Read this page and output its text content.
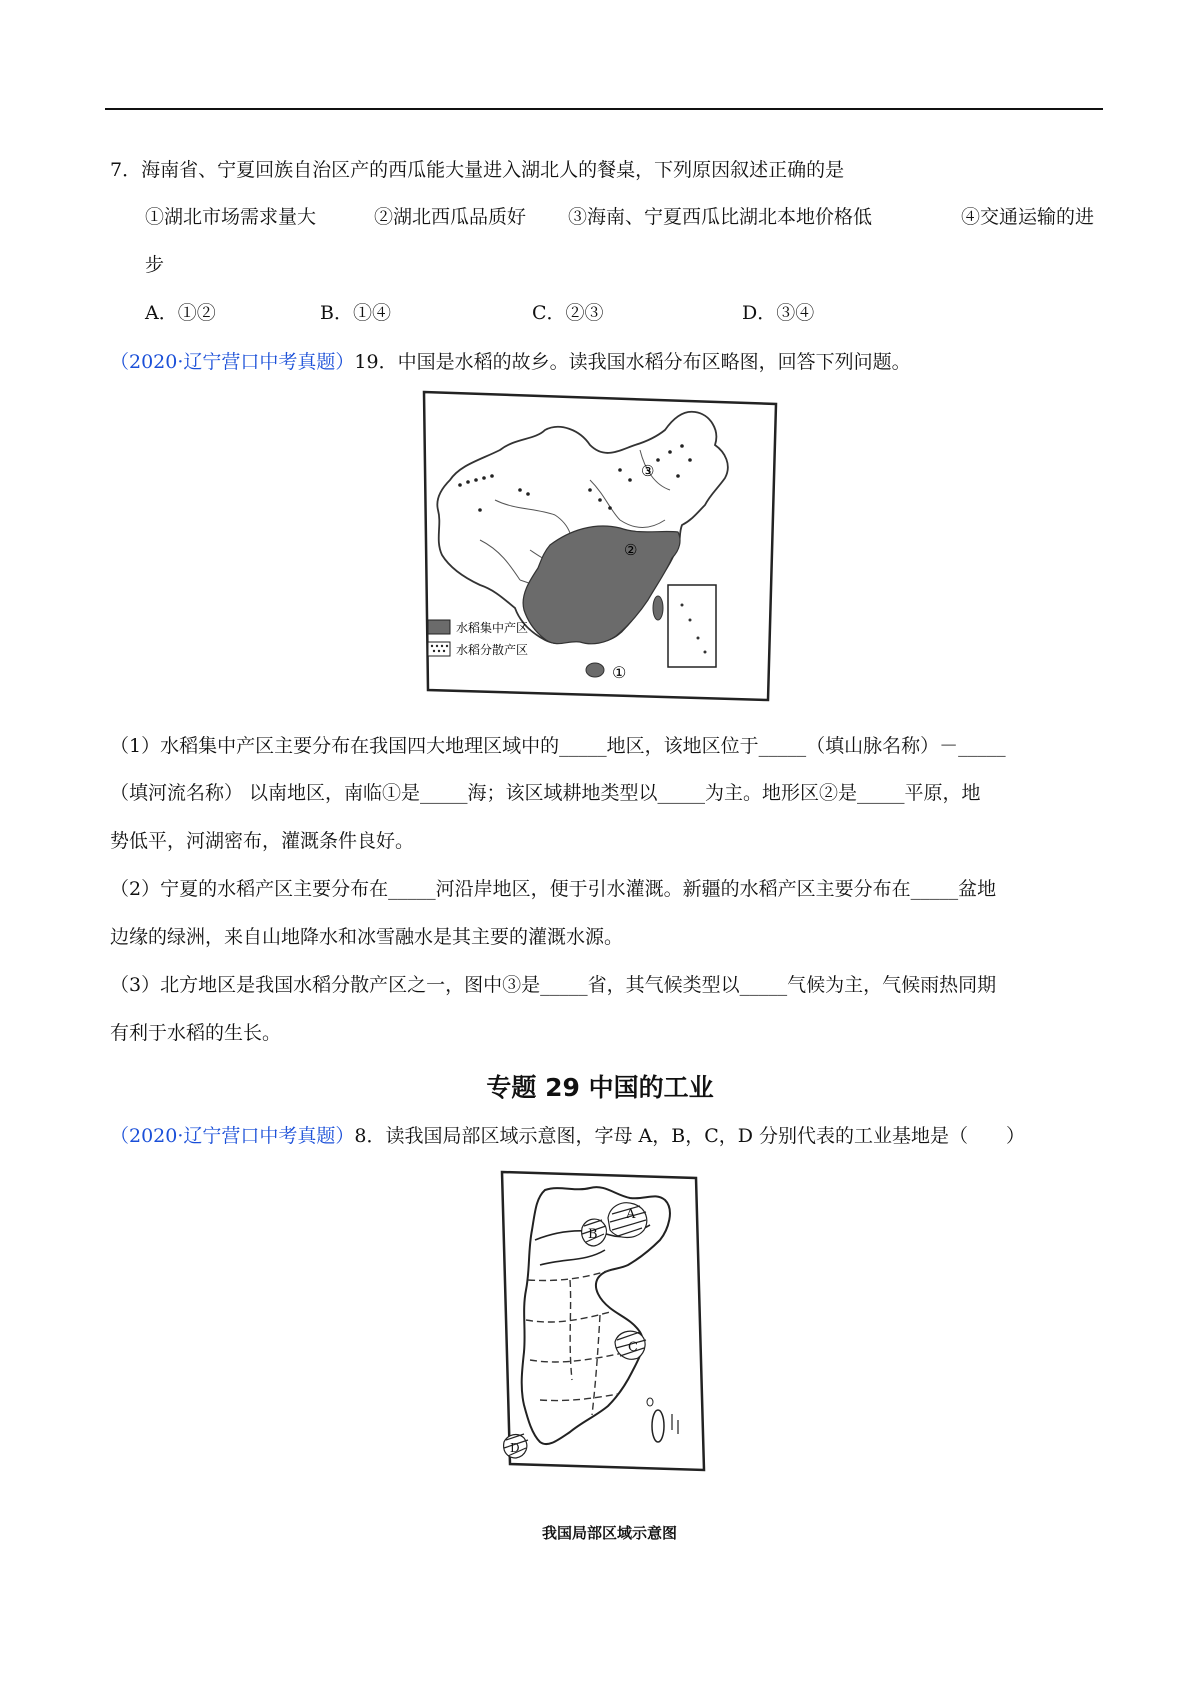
7．海南省、宁夏回族自治区产的西瓜能大量进入湖北人的餐桌，下列原因叙述正确的是
①湖北市场需求量大	②湖北西瓜品质好 ③海南、宁夏西瓜比湖北本地价格低	④交通运输的进
步
A．①②	B．①④	C．②③	D．③④
（2020·辽宁营口中考真题）19．中国是水稻的故乡。读我国水稻分布区略图，回答下列问题。
③
②
①
水稻集中产区
水稻分散产区
（1）水稻集中产区主要分布在我国四大地理区域中的_____地区，该地区位于_____（填山脉名称）－_____
（填河流名称） 以南地区，南临①是_____海；该区域耕地类型以_____为主。地形区②是_____平原，地
势低平，河湖密布，灌溉条件良好。
（2）宁夏的水稻产区主要分布在_____河沿岸地区，便于引水灌溉。新疆的水稻产区主要分布在_____盆地
边缘的绿洲，来自山地降水和冰雪融水是其主要的灌溉水源。
（3）北方地区是我国水稻分散产区之一，图中③是_____省，其气候类型以_____气候为主，气候雨热同期
有利于水稻的生长。
专题 29 中国的工业
（2020·辽宁营口中考真题）8．读我国局部区域示意图，字母 A，B，C，D 分别代表的工业基地是（　　）
A
B
C
D
我国局部区域示意图
